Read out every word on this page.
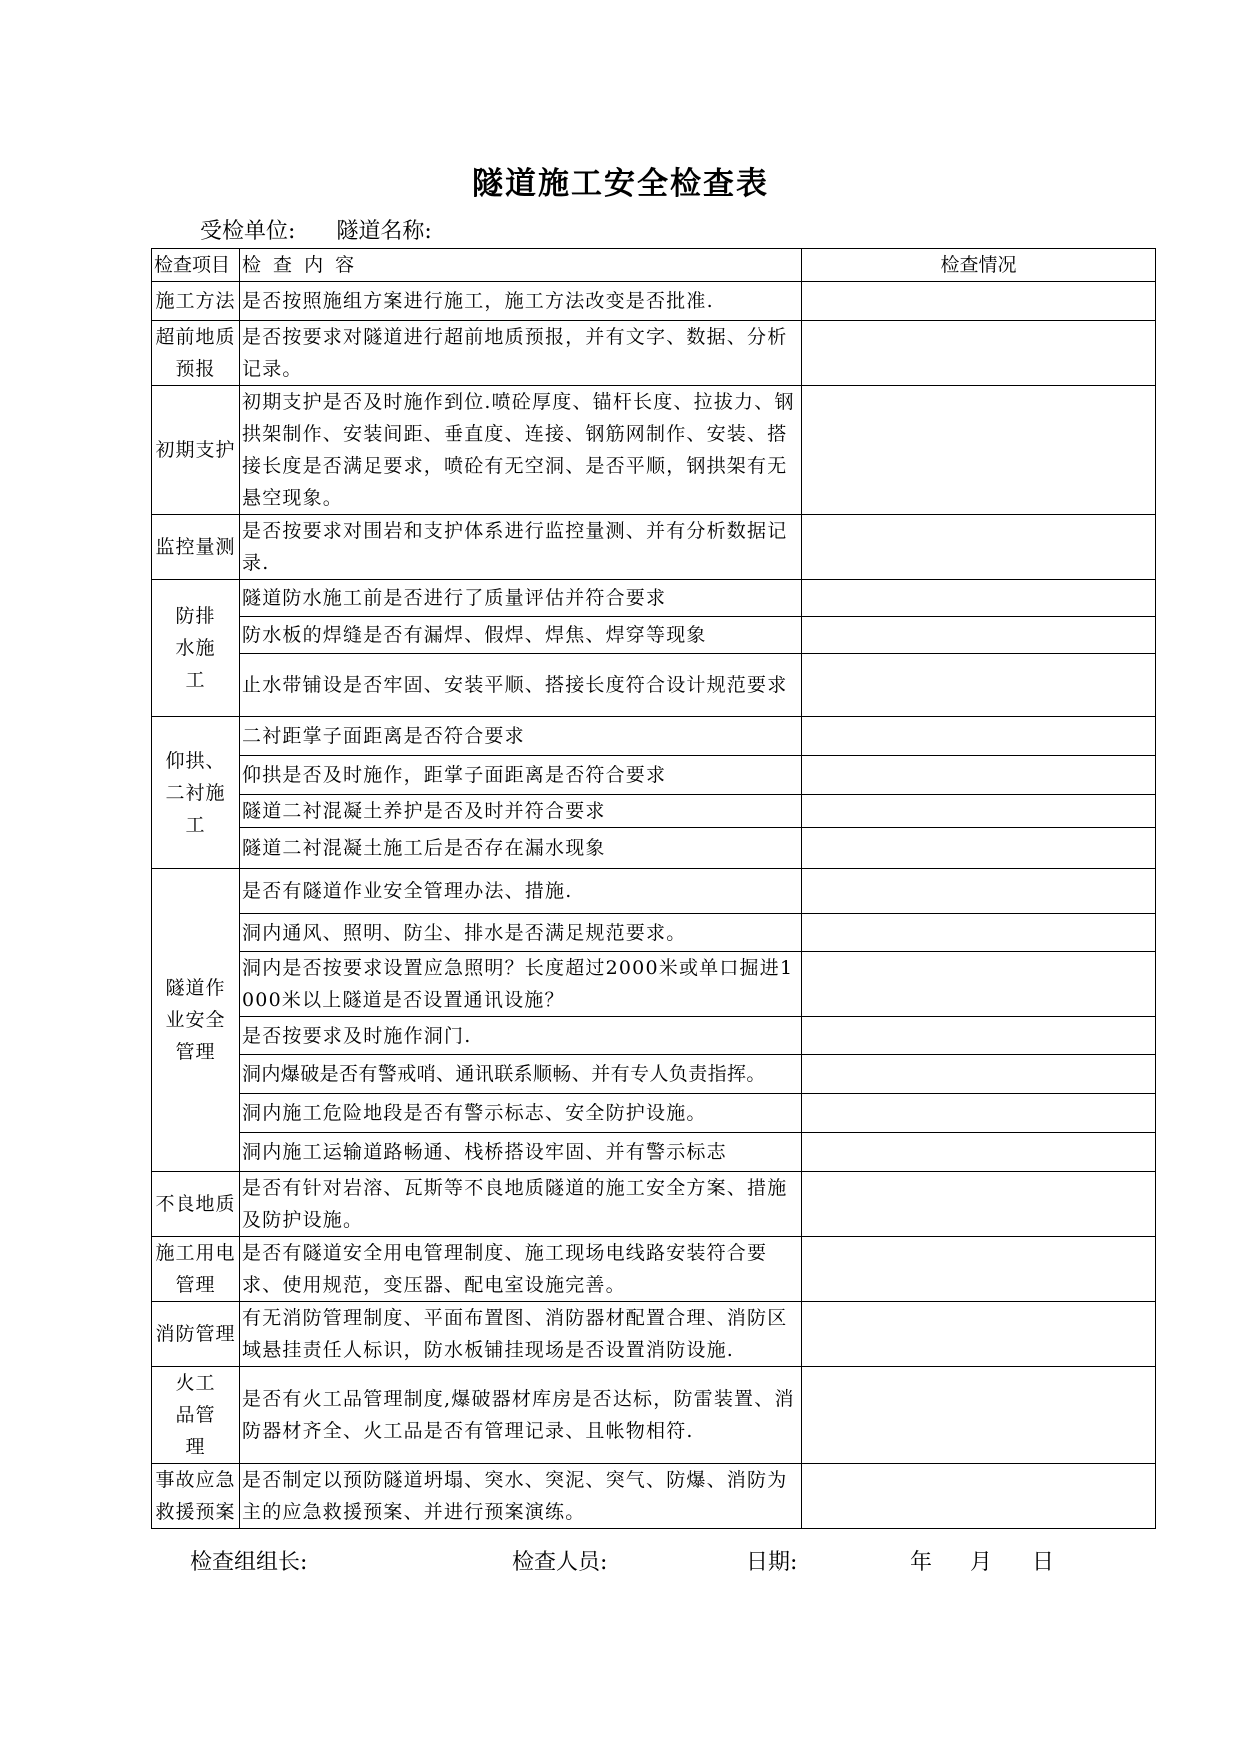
隧道施工安全检查表
受检单位: 隧道名称:
检查项目	检 查 内 容	检查情况
施工方法	是否按照施组方案进行施工，施工方法改变是否批准.	
超前地质预报	是否按要求对隧道进行超前地质预报，并有文字、数据、分析记录。	
初期支护	初期支护是否及时施作到位.喷砼厚度、锚杆长度、拉拔力、钢拱架制作、安装间距、垂直度、连接、钢筋网制作、安装、搭接长度是否满足要求，喷砼有无空洞、是否平顺，钢拱架有无悬空现象。	
监控量测	是否按要求对围岩和支护体系进行监控量测、并有分析数据记录.	
防排水施工	隧道防水施工前是否进行了质量评估并符合要求	
	防水板的焊缝是否有漏焊、假焊、焊焦、焊穿等现象	
	止水带铺设是否牢固、安装平顺、搭接长度符合设计规范要求	
仰拱、二衬施工	二衬距掌子面距离是否符合要求	
	仰拱是否及时施作，距掌子面距离是否符合要求	
	隧道二衬混凝土养护是否及时并符合要求	
	隧道二衬混凝土施工后是否存在漏水现象	
隧道作业安全管理	是否有隧道作业安全管理办法、措施.	
	洞内通风、照明、防尘、排水是否满足规范要求。	
	洞内是否按要求设置应急照明？长度超过2000米或单口掘进1000米以上隧道是否设置通讯设施？	
	是否按要求及时施作洞门.	
	洞内爆破是否有警戒哨、通讯联系顺畅、并有专人负责指挥。	
	洞内施工危险地段是否有警示标志、安全防护设施。	
	洞内施工运输道路畅通、栈桥搭设牢固、并有警示标志	
不良地质	是否有针对岩溶、瓦斯等不良地质隧道的施工安全方案、措施及防护设施。	
施工用电管理	是否有隧道安全用电管理制度、施工现场电线路安装符合要求、使用规范，变压器、配电室设施完善。	
消防管理	有无消防管理制度、平面布置图、消防器材配置合理、消防区域悬挂责任人标识，防水板铺挂现场是否设置消防设施.	
火工品管理	是否有火工品管理制度,爆破器材库房是否达标，防雷装置、消防器材齐全、火工品是否有管理记录、且帐物相符.	
事故应急救援预案	是否制定以预防隧道坍塌、突水、突泥、突气、防爆、消防为主的应急救援预案、并进行预案演练。	
检查组组长:	检查人员:	日期:	年 月 日
